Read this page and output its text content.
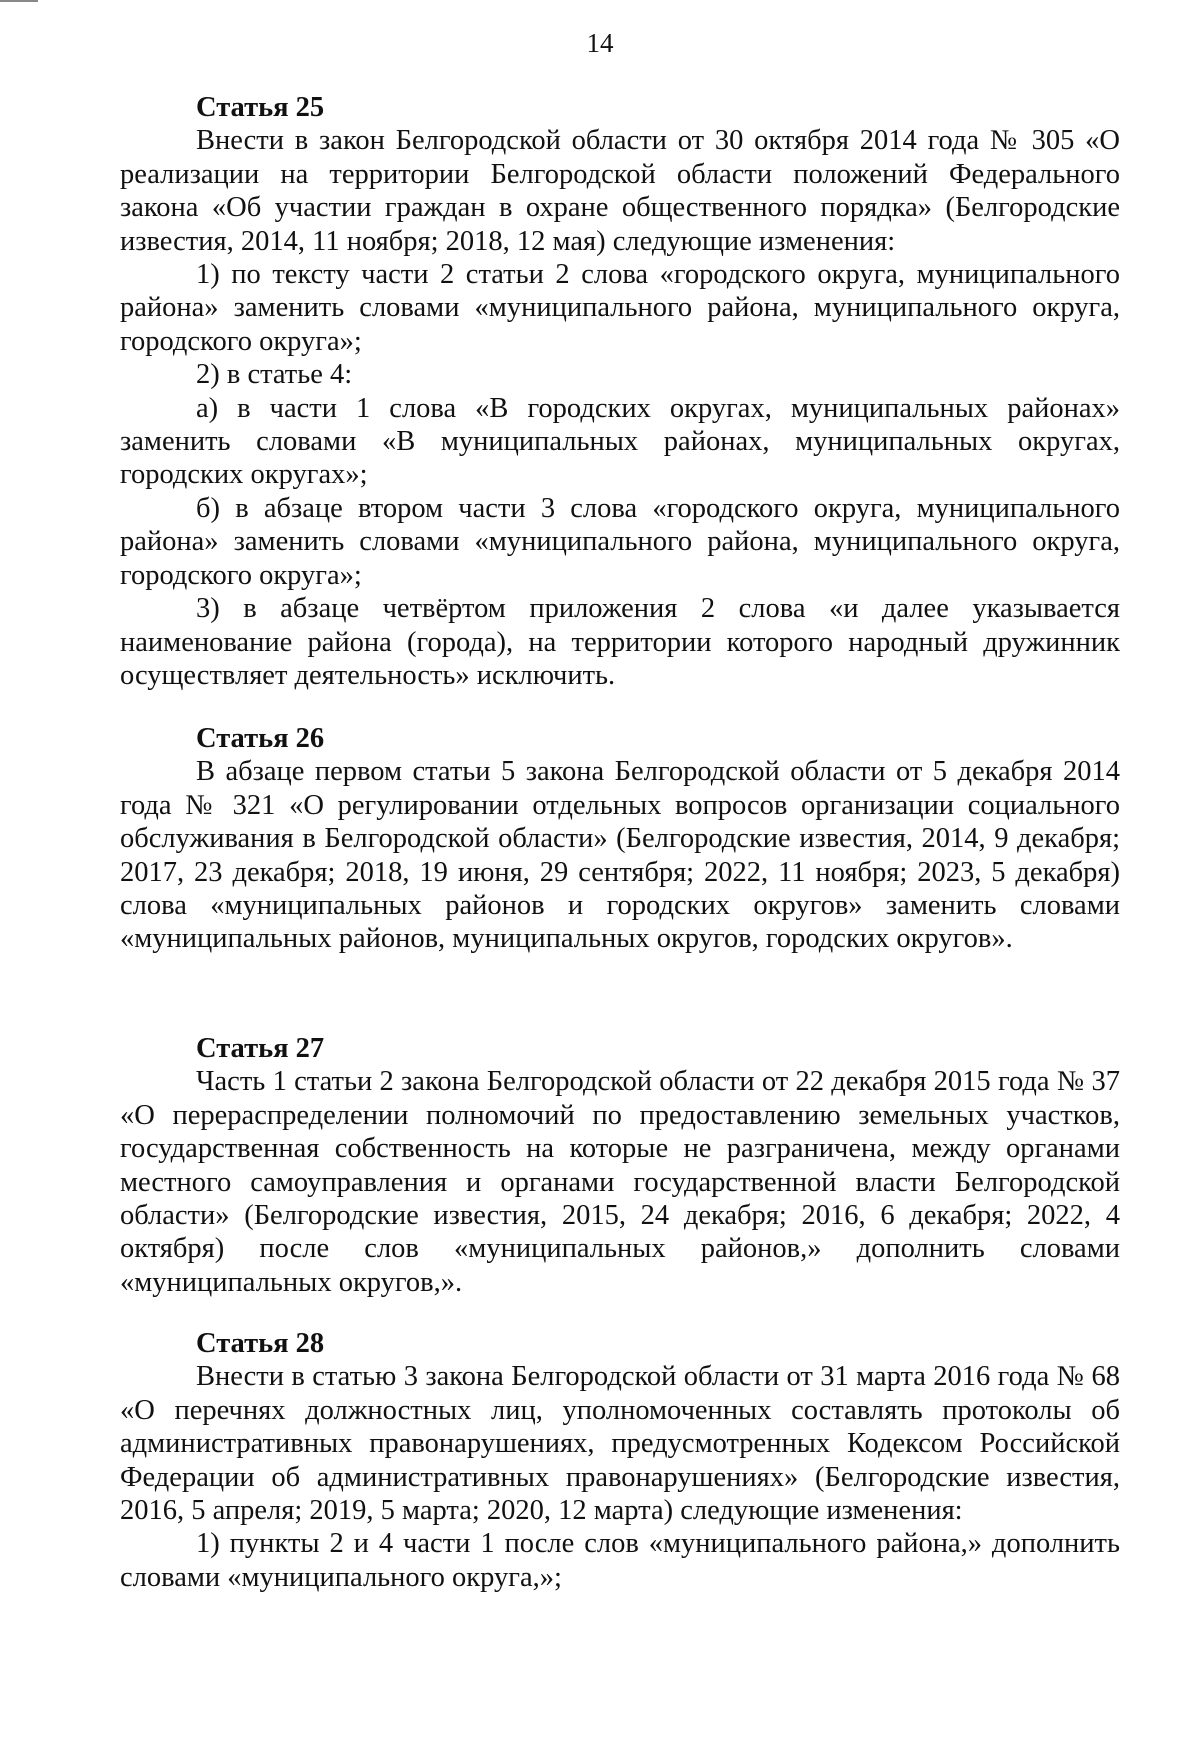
14
Статья 25

Внести в закон Белгородской области от 30 октября 2014 года № 305 «О реализации на территории Белгородской области положений Федерального закона «Об участии граждан в охране общественного порядка» (Белгородские известия, 2014, 11 ноября; 2018, 12 мая) следующие изменения:

1) по тексту части 2 статьи 2 слова «городского округа, муниципального района» заменить словами «муниципального района, муниципального округа, городского округа»;

2) в статье 4:

а) в части 1 слова «В городских округах, муниципальных районах» заменить словами «В муниципальных районах, муниципальных округах, городских округах»;

б) в абзаце втором части 3 слова «городского округа, муниципального района» заменить словами «муниципального района, муниципального округа, городского округа»;

3) в абзаце четвёртом приложения 2 слова «и далее указывается наименование района (города), на территории которого народный дружинник осуществляет деятельность» исключить.

Статья 26

В абзаце первом статьи 5 закона Белгородской области от 5 декабря 2014 года № 321 «О регулировании отдельных вопросов организации социального обслуживания в Белгородской области» (Белгородские известия, 2014, 9 декабря; 2017, 23 декабря; 2018, 19 июня, 29 сентября; 2022, 11 ноября; 2023, 5 декабря) слова «муниципальных районов и городских округов» заменить словами «муниципальных районов, муниципальных округов, городских округов».

Статья 27

Часть 1 статьи 2 закона Белгородской области от 22 декабря 2015 года № 37 «О перераспределении полномочий по предоставлению земельных участков, государственная собственность на которые не разграничена, между органами местного самоуправления и органами государственной власти Белгородской области» (Белгородские известия, 2015, 24 декабря; 2016, 6 декабря; 2022, 4 октября) после слов «муниципальных районов,» дополнить словами «муниципальных округов,».

Статья 28

Внести в статью 3 закона Белгородской области от 31 марта 2016 года № 68 «О перечнях должностных лиц, уполномоченных составлять протоколы об административных правонарушениях, предусмотренных Кодексом Российской Федерации об административных правонарушениях» (Белгородские известия, 2016, 5 апреля; 2019, 5 марта; 2020, 12 марта) следующие изменения:

1) пункты 2 и 4 части 1 после слов «муниципального района,» дополнить словами «муниципального округа,»;
